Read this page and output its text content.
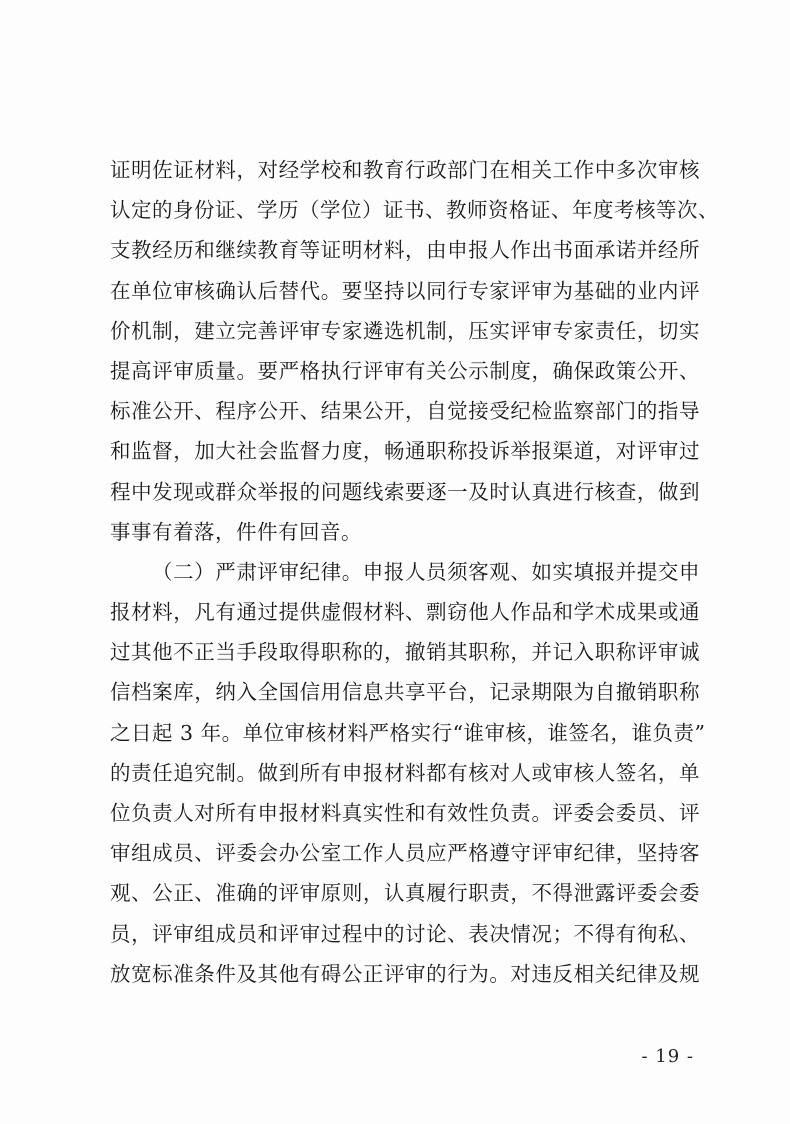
证明佐证材料，对经学校和教育行政部门在相关工作中多次审核
认定的身份证、学历（学位）证书、教师资格证、年度考核等次、
支教经历和继续教育等证明材料，由申报人作出书面承诺并经所
在单位审核确认后替代。要坚持以同行专家评审为基础的业内评
价机制，建立完善评审专家遴选机制，压实评审专家责任，切实
提高评审质量。要严格执行评审有关公示制度，确保政策公开、
标准公开、程序公开、结果公开，自觉接受纪检监察部门的指导
和监督，加大社会监督力度，畅通职称投诉举报渠道，对评审过
程中发现或群众举报的问题线索要逐一及时认真进行核查，做到
事事有着落，件件有回音。
（二）严肃评审纪律。申报人员须客观、如实填报并提交申
报材料，凡有通过提供虚假材料、剽窃他人作品和学术成果或通
过其他不正当手段取得职称的，撤销其职称，并记入职称评审诚
信档案库，纳入全国信用信息共享平台，记录期限为自撤销职称
之日起 3 年。单位审核材料严格实行“谁审核，谁签名，谁负责”
的责任追究制。做到所有申报材料都有核对人或审核人签名，单
位负责人对所有申报材料真实性和有效性负责。评委会委员、评
审组成员、评委会办公室工作人员应严格遵守评审纪律，坚持客
观、公正、准确的评审原则，认真履行职责，不得泄露评委会委
员，评审组成员和评审过程中的讨论、表决情况；不得有徇私、
放宽标准条件及其他有碍公正评审的行为。对违反相关纪律及规
- 19 -
